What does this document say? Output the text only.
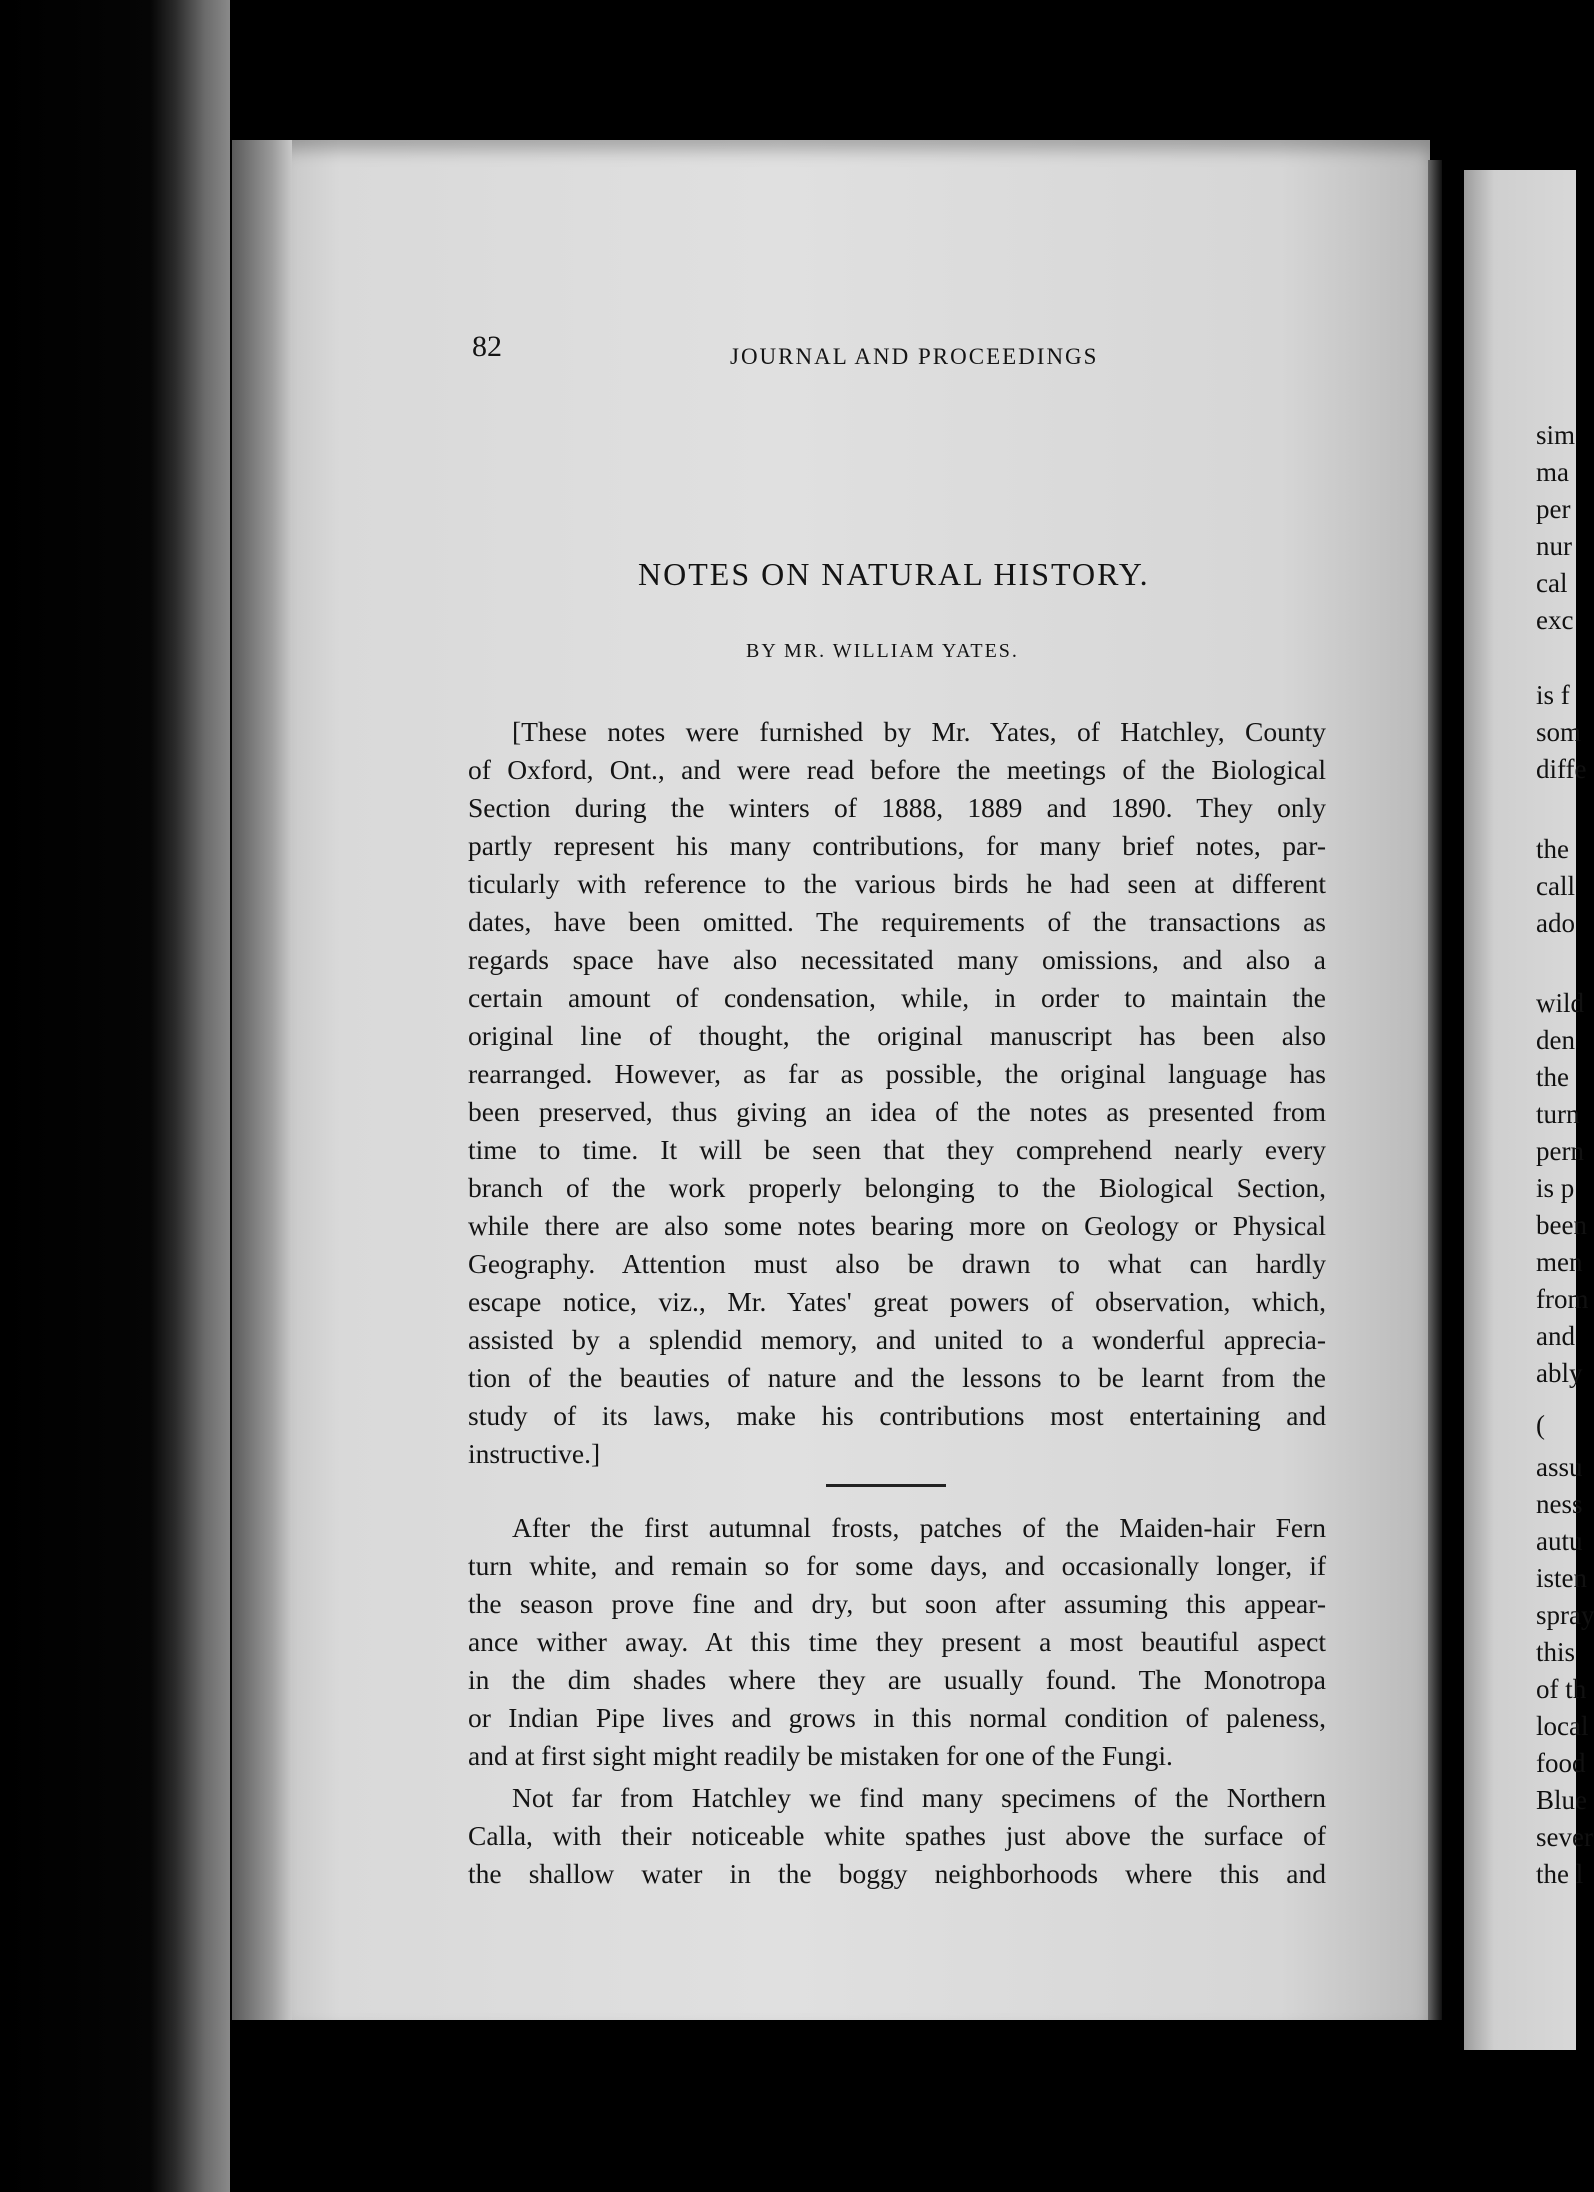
sim
ma
per
nur
cal
exc
is f
som
diffe
the
call
ado
wild
den
the
turn
pern
is p
been
men
from
and
ably
(
assu
ness
autu
isten
spray
this
of th
local
food
Blue
sever
the l
82	JOURNAL AND PROCEEDINGS
NOTES ON NATURAL HISTORY.
BY MR. WILLIAM YATES.
[These notes were furnished by Mr. Yates, of Hatchley, County
of Oxford, Ont., and were read before the meetings of the Biological
Section during the winters of 1888, 1889 and 1890. They only
partly represent his many contributions, for many brief notes, par-
ticularly with reference to the various birds he had seen at different
dates, have been omitted. The requirements of the transactions as
regards space have also necessitated many omissions, and also a
certain amount of condensation, while, in order to maintain the
original line of thought, the original manuscript has been also
rearranged. However, as far as possible, the original language has
been preserved, thus giving an idea of the notes as presented from
time to time. It will be seen that they comprehend nearly every
branch of the work properly belonging to the Biological Section,
while there are also some notes bearing more on Geology or Physical
Geography. Attention must also be drawn to what can hardly
escape notice, viz., Mr. Yates' great powers of observation, which,
assisted by a splendid memory, and united to a wonderful apprecia-
tion of the beauties of nature and the lessons to be learnt from the
study of its laws, make his contributions most entertaining and
instructive.]
After the first autumnal frosts, patches of the Maiden-hair Fern
turn white, and remain so for some days, and occasionally longer, if
the season prove fine and dry, but soon after assuming this appear-
ance wither away. At this time they present a most beautiful aspect
in the dim shades where they are usually found. The Monotropa
or Indian Pipe lives and grows in this normal condition of paleness,
and at first sight might readily be mistaken for one of the Fungi.
Not far from Hatchley we find many specimens of the Northern
Calla, with their noticeable white spathes just above the surface of
the shallow water in the boggy neighborhoods where this and
